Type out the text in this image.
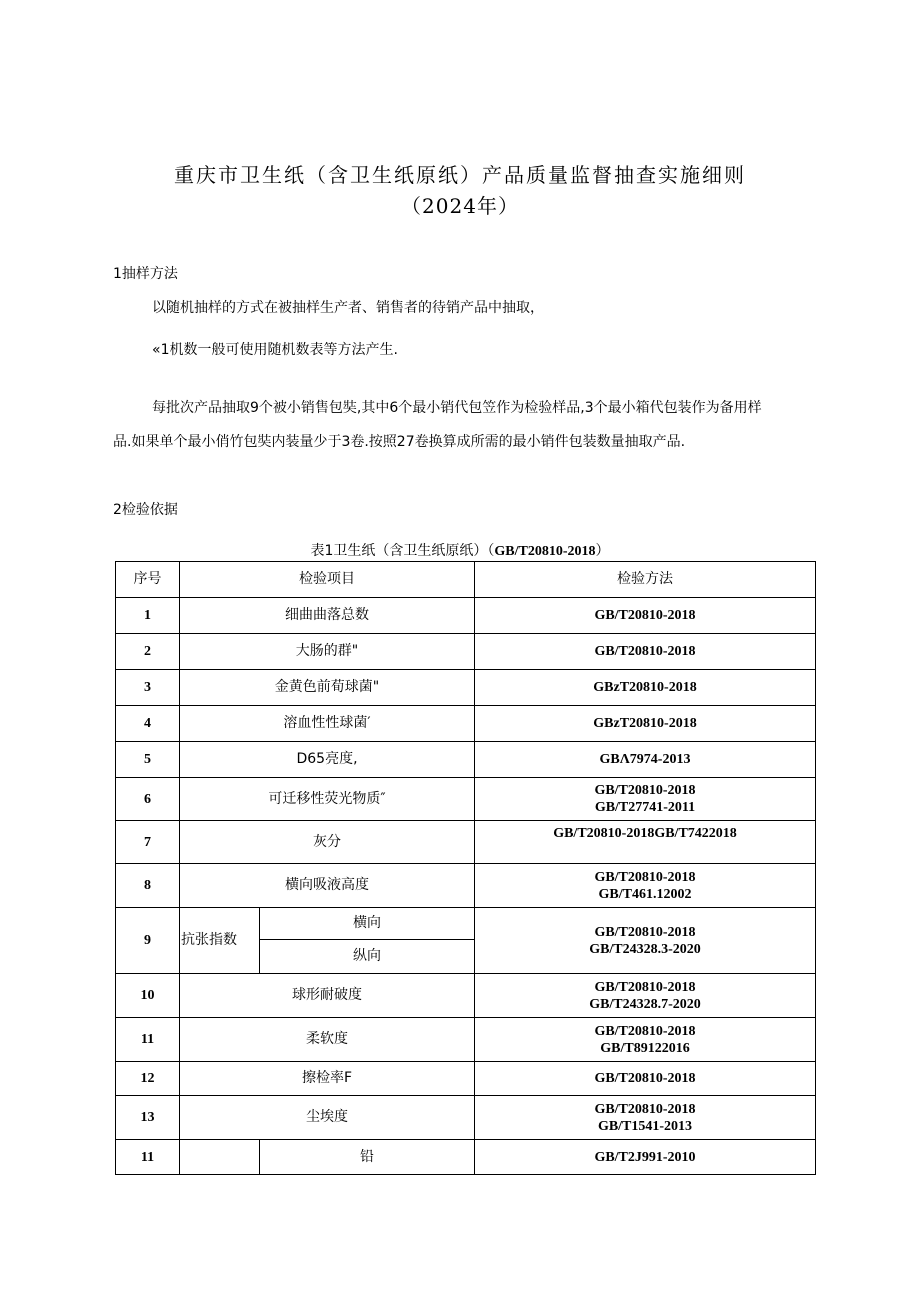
重庆市卫生纸（含卫生纸原纸）产品质量监督抽查实施细则
（2024年）
1抽样方法
以随机抽样的方式在被抽样生产者、销售者的待销产品中抽取，
«1机数一般可使用随机数表等方法产生.
每批次产品抽取9个被小销售包奘,其中6个最小销代包笠作为检验样品,3个最小箱代包装作为备用样
品.如果单个最小俏竹包奘内装量少于3卷.按照27卷换算成所需的最小销件包装数量抽取产品.
2检验依据
表1卫生纸（含卫生纸原纸）（GB/T20810-2018）
序号	检验项目		检验方法
1	细曲曲落总数		GB/T20810-2018

2	大肠的群"		GB/T20810-2018

3	金黄色前荀球菌"		GBzT20810-2018

4	溶血性性球菌′		GBzT20810-2018

5	D65亮度,		GBΛ7974-2013

6	可迁移性荧光物质″		GB/T20810-2018
GB/T27741-2011

7	灰分		GB/T20810-2018GB/T7422018

8	横向吸液高度		GB/T20810-2018
GB/T461.12002

9	抗张指数	横向	GB/T20810-2018
GB/T24328.3-2020

		纵向	
10	球形耐破度		GB/T20810-2018
GB/T24328.7-2020

11	柔软度		GB/T20810-2018
GB/T89122016

12	擦检率F		GB/T20810-2018

13	尘埃度		GB/T20810-2018
GB/T1541-2013

11		铅	GB/T2J991-2010
